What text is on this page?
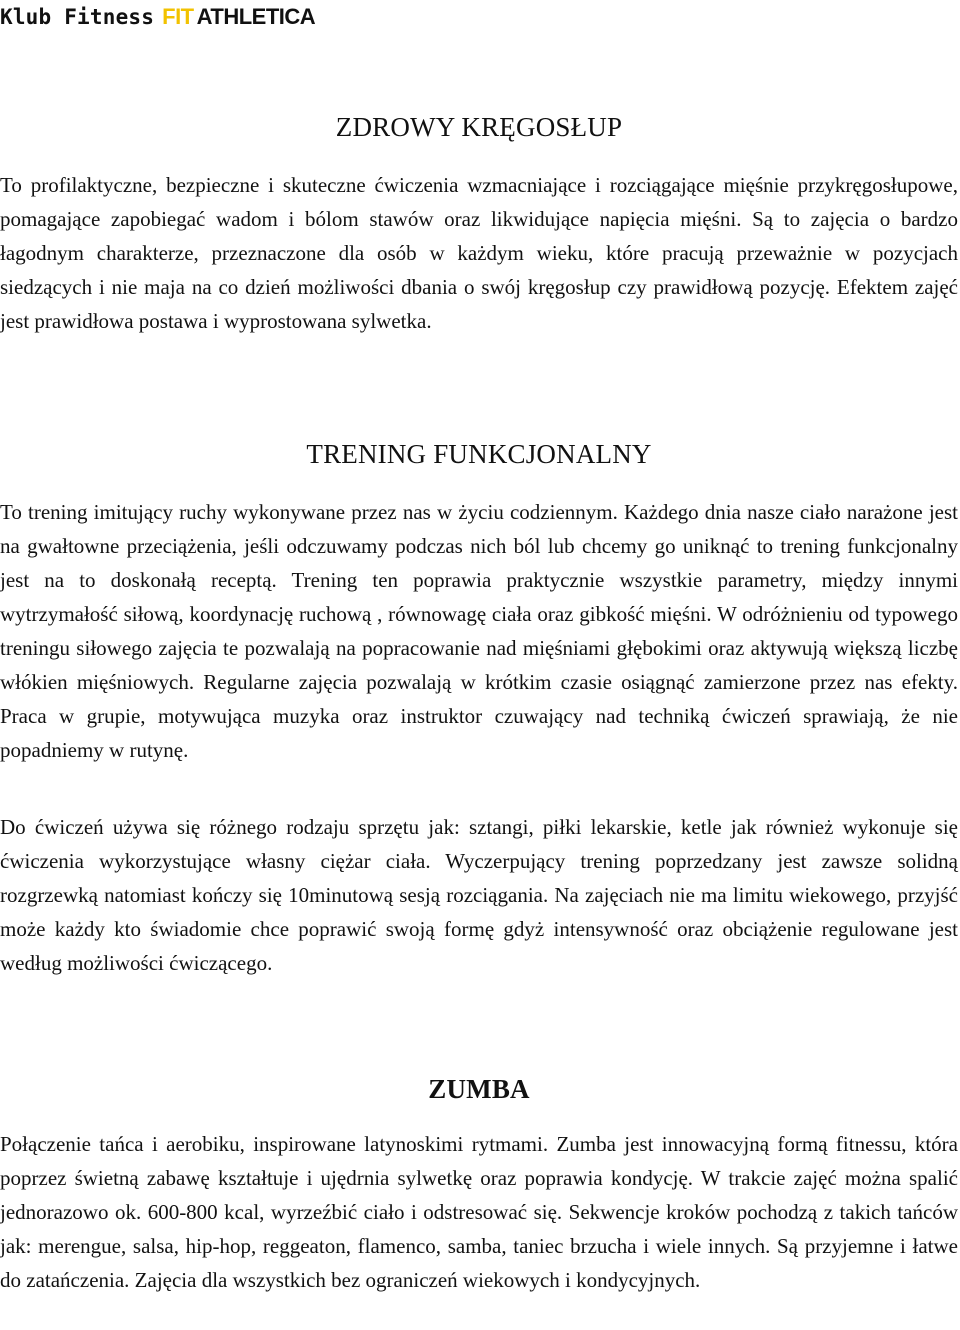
Klub Fitness FIT ATHLETICA
ZDROWY KRĘGOSŁUP

To profilaktyczne, bezpieczne i skuteczne ćwiczenia wzmacniające i rozciągające mięśnie przykręgosłupowe, pomagające zapobiegać wadom i bólom stawów oraz likwidujące napięcia mięśni. Są to zajęcia o bardzo łagodnym charakterze, przeznaczone dla osób w każdym wieku, które pracują przeważnie w pozycjach siedzących i nie maja na co dzień możliwości dbania o swój kręgosłup czy prawidłową pozycję. Efektem zajęć jest prawidłowa postawa i wyprostowana sylwetka.

TRENING FUNKCJONALNY

To trening imitujący ruchy wykonywane przez nas w życiu codziennym. Każdego dnia nasze ciało narażone jest na gwałtowne przeciążenia, jeśli odczuwamy podczas nich ból lub chcemy go uniknąć to trening funkcjonalny jest na to doskonałą receptą. Trening ten poprawia praktycznie wszystkie parametry, między innymi wytrzymałość siłową, koordynację ruchową , równowagę ciała oraz gibkość mięśni. W odróżnieniu od typowego treningu siłowego zajęcia te pozwalają na popracowanie nad mięśniami głębokimi oraz aktywują większą liczbę włókien mięśniowych. Regularne zajęcia pozwalają w krótkim czasie osiągnąć zamierzone przez nas efekty. Praca w grupie, motywująca muzyka oraz instruktor czuwający nad techniką ćwiczeń sprawiają, że nie popadniemy w rutynę.

Do ćwiczeń używa się różnego rodzaju sprzętu jak: sztangi, piłki lekarskie, ketle jak również wykonuje się ćwiczenia wykorzystujące własny ciężar ciała. Wyczerpujący trening poprzedzany jest zawsze solidną rozgrzewką natomiast kończy się 10minutową sesją rozciągania. Na zajęciach nie ma limitu wiekowego, przyjść może każdy kto świadomie chce poprawić swoją formę gdyż intensywność oraz obciążenie regulowane jest według możliwości ćwiczącego.

ZUMBA

Połączenie tańca i aerobiku, inspirowane latynoskimi rytmami. Zumba jest innowacyjną formą fitnessu, która poprzez świetną zabawę kształtuje i ujędrnia sylwetkę oraz poprawia kondycję. W trakcie zajęć można spalić jednorazowo ok. 600-800 kcal, wyrzeźbić ciało i odstresować się. Sekwencje kroków pochodzą z takich tańców jak: merengue, salsa, hip-hop, reggeaton, flamenco, samba, taniec brzucha i wiele innych. Są przyjemne i łatwe do zatańczenia. Zajęcia dla wszystkich bez ograniczeń wiekowych i kondycyjnych.
